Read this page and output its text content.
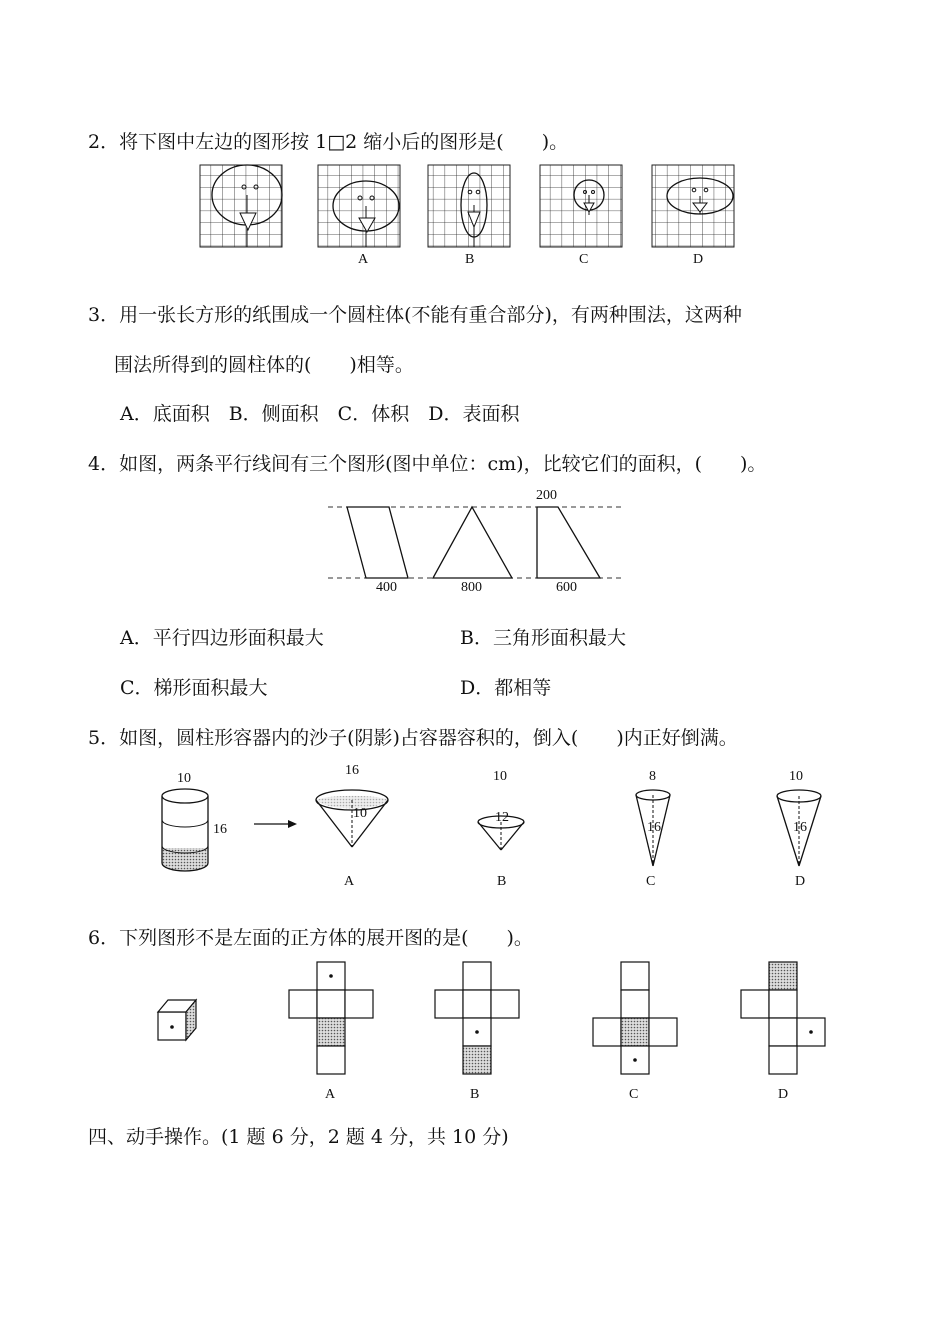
2．将下图中左边的图形按 1□2 缩小后的图形是(　　)。
A	B	C	D
3．用一张长方形的纸围成一个圆柱体(不能有重合部分)，有两种围法，这两种
围法所得到的圆柱体的(　　)相等。
A．底面积　B．侧面积　C．体积　D．表面积
4．如图，两条平行线间有三个图形(图中单位：cm)，比较它们的面积，(　　)。
200
400	800	600
A．平行四边形面积最大	B．三角形面积最大
C．梯形面积最大	D．都相等
5．如图，圆柱形容器内的沙子(阴影)占容器容积的，倒入(　　)内正好倒满。
10
16
16
10
A
10
12
B
8
16
C
10
16
D
6．下列图形不是左面的正方体的展开图的是(　　)。
A	B	C	D
四、动手操作。(1 题 6 分，2 题 4 分，共 10 分)
